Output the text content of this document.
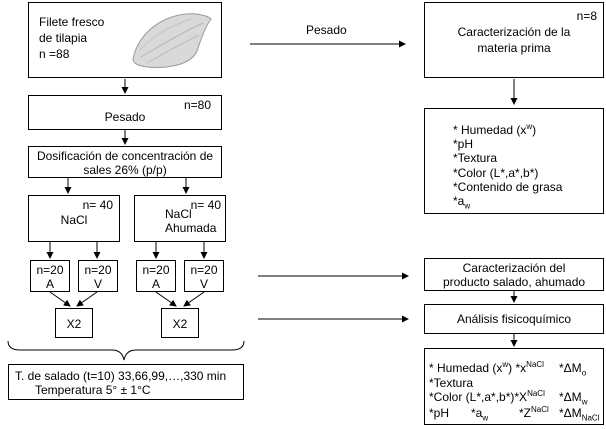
Filete fresco
de tilapia
n =88
Pesado
n=8
Caracterización de la
materia prima
* Humedad $(x^w)$
*pH
*Textura
*Color (L*,a*,b*)
*Contenido de grasa
$*a_w$
n=80
Pesado
Dosificación de concentración de
sales 26% (p/p)
n= 40
NaCl
n= 40
NaCl
Ahumada
n=20
A
n=20
V
n=20
A
n=20
V
X2	X2
T. de salado (t=10) 33,66,99,…,330 min
Temperatura 5° ± 1°C
Caracterización del
producto salado, ahumado
Análisis fisicoquímico
* Humedad $(x^w)$ $*x^{NaCl}$ $*\Delta M_o$
*Textura
*Color $(L*,a*,b*)*X^{NaCl}$ $*\Delta M_w$
*pH $*a_w$	$*Z^{NaCl}$ $*\Delta M_{NaCl}$
